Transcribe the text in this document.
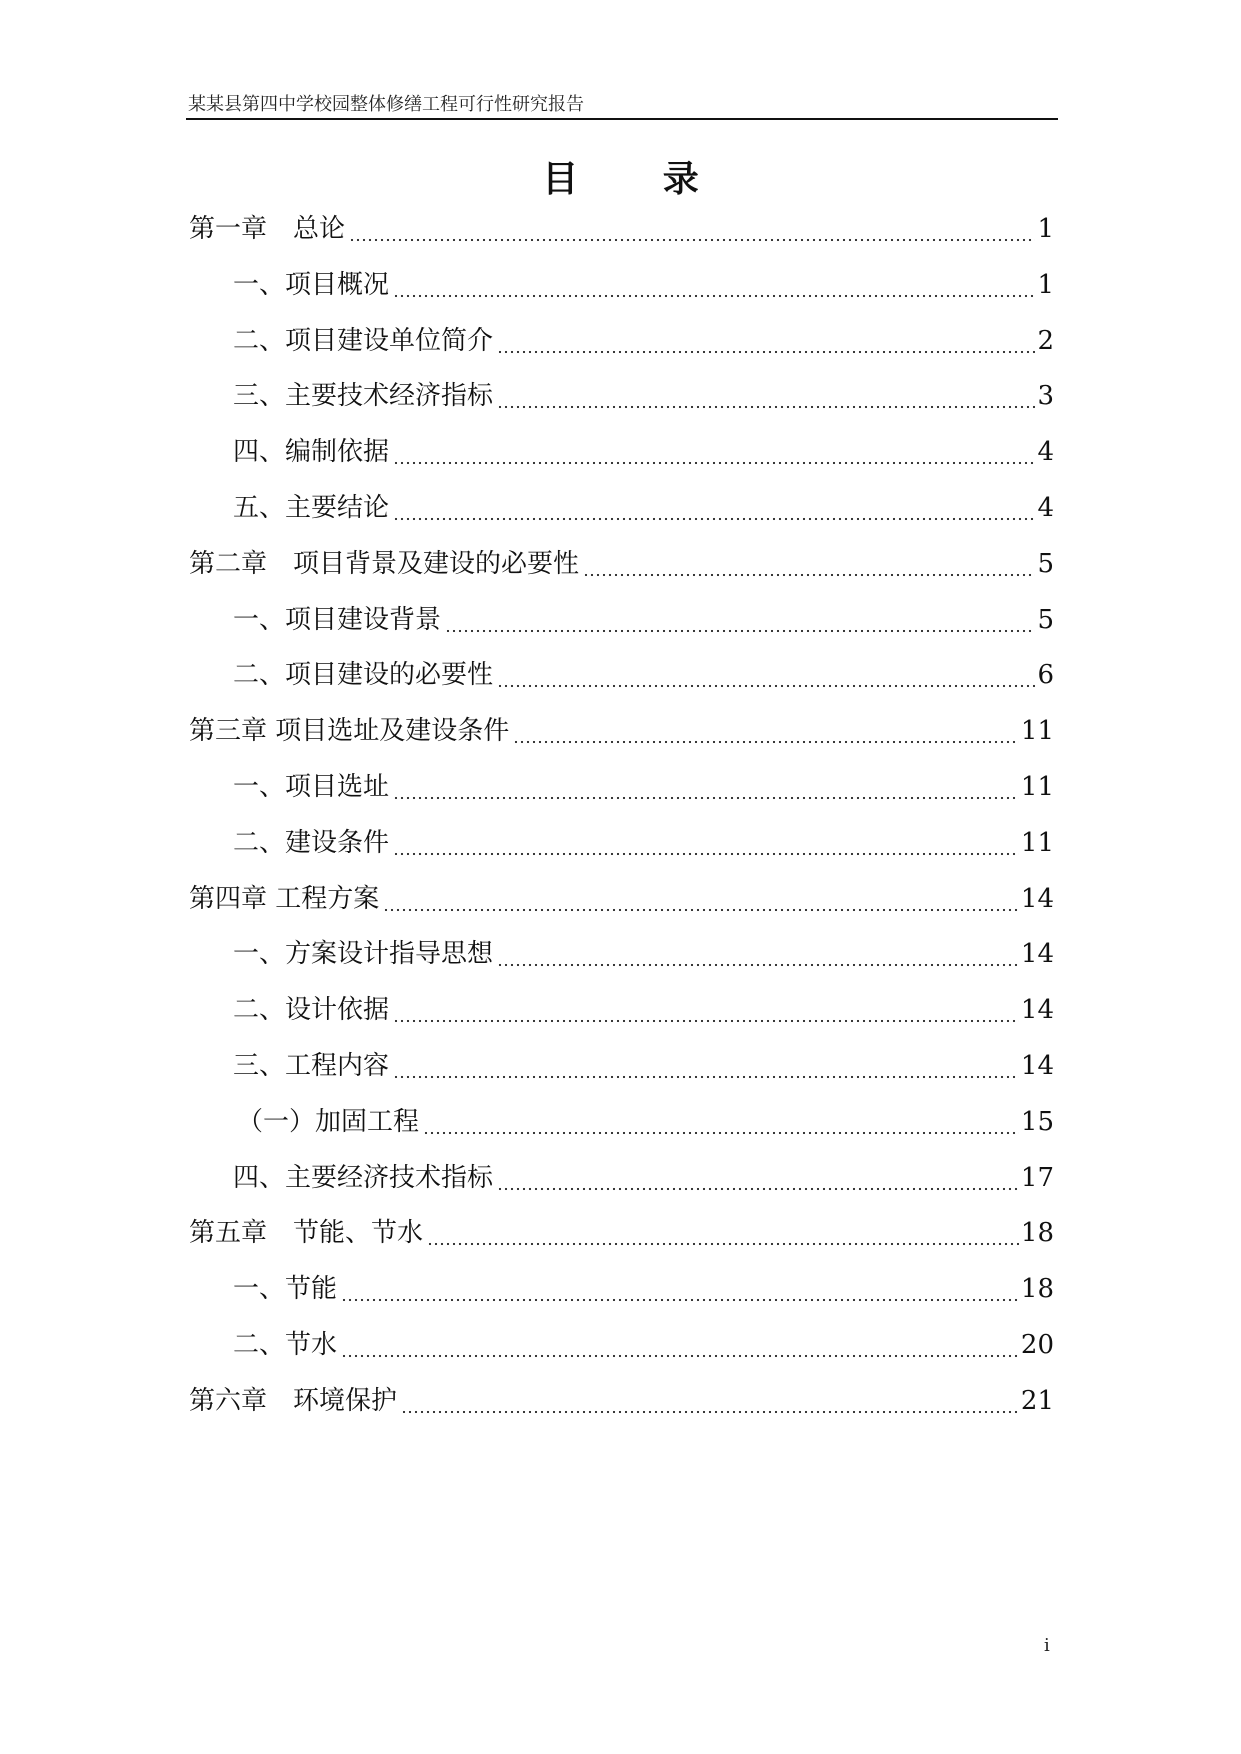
某某县第四中学校园整体修缮工程可行性研究报告
目 录
第一章　总论	1
一、项目概况	1
二、项目建设单位简介	2
三、主要技术经济指标	3
四、编制依据	4
五、主要结论	4
第二章　项目背景及建设的必要性	5
一、项目建设背景	5
二、项目建设的必要性	6
第三章 项目选址及建设条件	11
一、项目选址	11
二、建设条件	11
第四章 工程方案	14
一、方案设计指导思想	14
二、设计依据	14
三、工程内容	14
（一）加固工程	15
四、主要经济技术指标	17
第五章　节能、节水	18
一、节能	18
二、节水	20
第六章　环境保护	21
i
